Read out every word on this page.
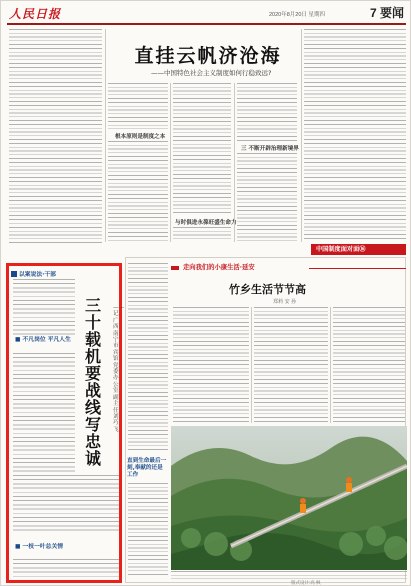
人民日报	2020年8月20日 星期四	7 要闻
直挂云帆济沧海
——中国特色社会主义制度如何行稳致远?
根本原则是制度之本
与时俱进永葆旺盛生命力
三 不断开辟治理新境界
中国制度面对面⑯
以案说法·干部
■ 不凡岗位 平凡人生
三十载机要战线写忠诚
——记广西南宁市宾馆党委办公室副主任刘巧飞
■ 一枝一叶总关情
直到生命最后一刻,奉献的还是工作
走向我们的小康生活·延安
竹乡生活节节高
郑莉 安 孙
版式设计:高 枫
